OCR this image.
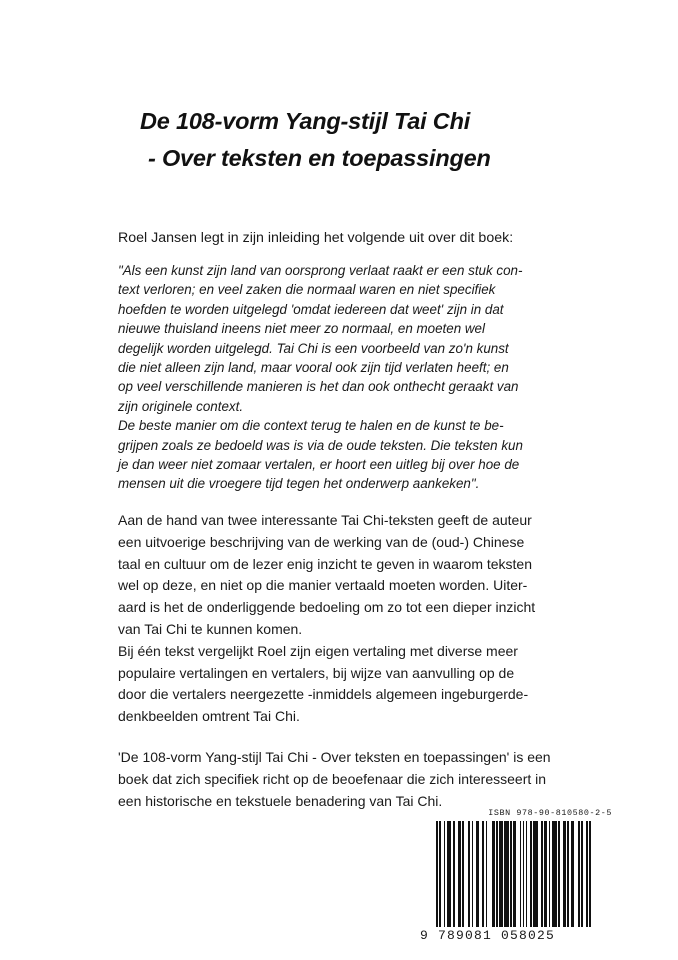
De 108-vorm Yang-stijl Tai Chi
- Over teksten en toepassingen
Roel Jansen legt in zijn inleiding het volgende uit over dit boek:
"Als een kunst zijn land van oorsprong verlaat raakt er een stuk con-
text verloren; en veel zaken die normaal waren en niet specifiek
hoefden te worden uitgelegd 'omdat iedereen dat weet' zijn in dat
nieuwe thuisland ineens niet meer zo normaal, en moeten wel
degelijk worden uitgelegd. Tai Chi is een voorbeeld van zo'n kunst
die niet alleen zijn land, maar vooral ook zijn tijd verlaten heeft; en
op veel verschillende manieren is het dan ook onthecht geraakt van
zijn originele context.
De beste manier om die context terug te halen en de kunst te be-
grijpen zoals ze bedoeld was is via de oude teksten. Die teksten kun
je dan weer niet zomaar vertalen, er hoort een uitleg bij over hoe de
mensen uit die vroegere tijd tegen het onderwerp aankeken".
Aan de hand van twee interessante Tai Chi-teksten geeft de auteur
een uitvoerige beschrijving van de werking van de (oud-) Chinese
taal en cultuur om de lezer enig inzicht te geven in waarom teksten
wel op deze, en niet op die manier vertaald moeten worden. Uiter-
aard is het de onderliggende bedoeling om zo tot een dieper inzicht
van Tai Chi te kunnen komen.
Bij één tekst vergelijkt Roel zijn eigen vertaling met diverse meer
populaire vertalingen en vertalers, bij wijze van aanvulling op de
door die vertalers neergezette -inmiddels algemeen ingeburgerde-
denkbeelden omtrent Tai Chi.
'De 108-vorm Yang-stijl Tai Chi - Over teksten en toepassingen' is een
boek dat zich specifiek richt op de beoefenaar die zich interesseert in
een historische en tekstuele benadering van Tai Chi.
ISBN 978-90-810580-2-5
9 789081 058025
